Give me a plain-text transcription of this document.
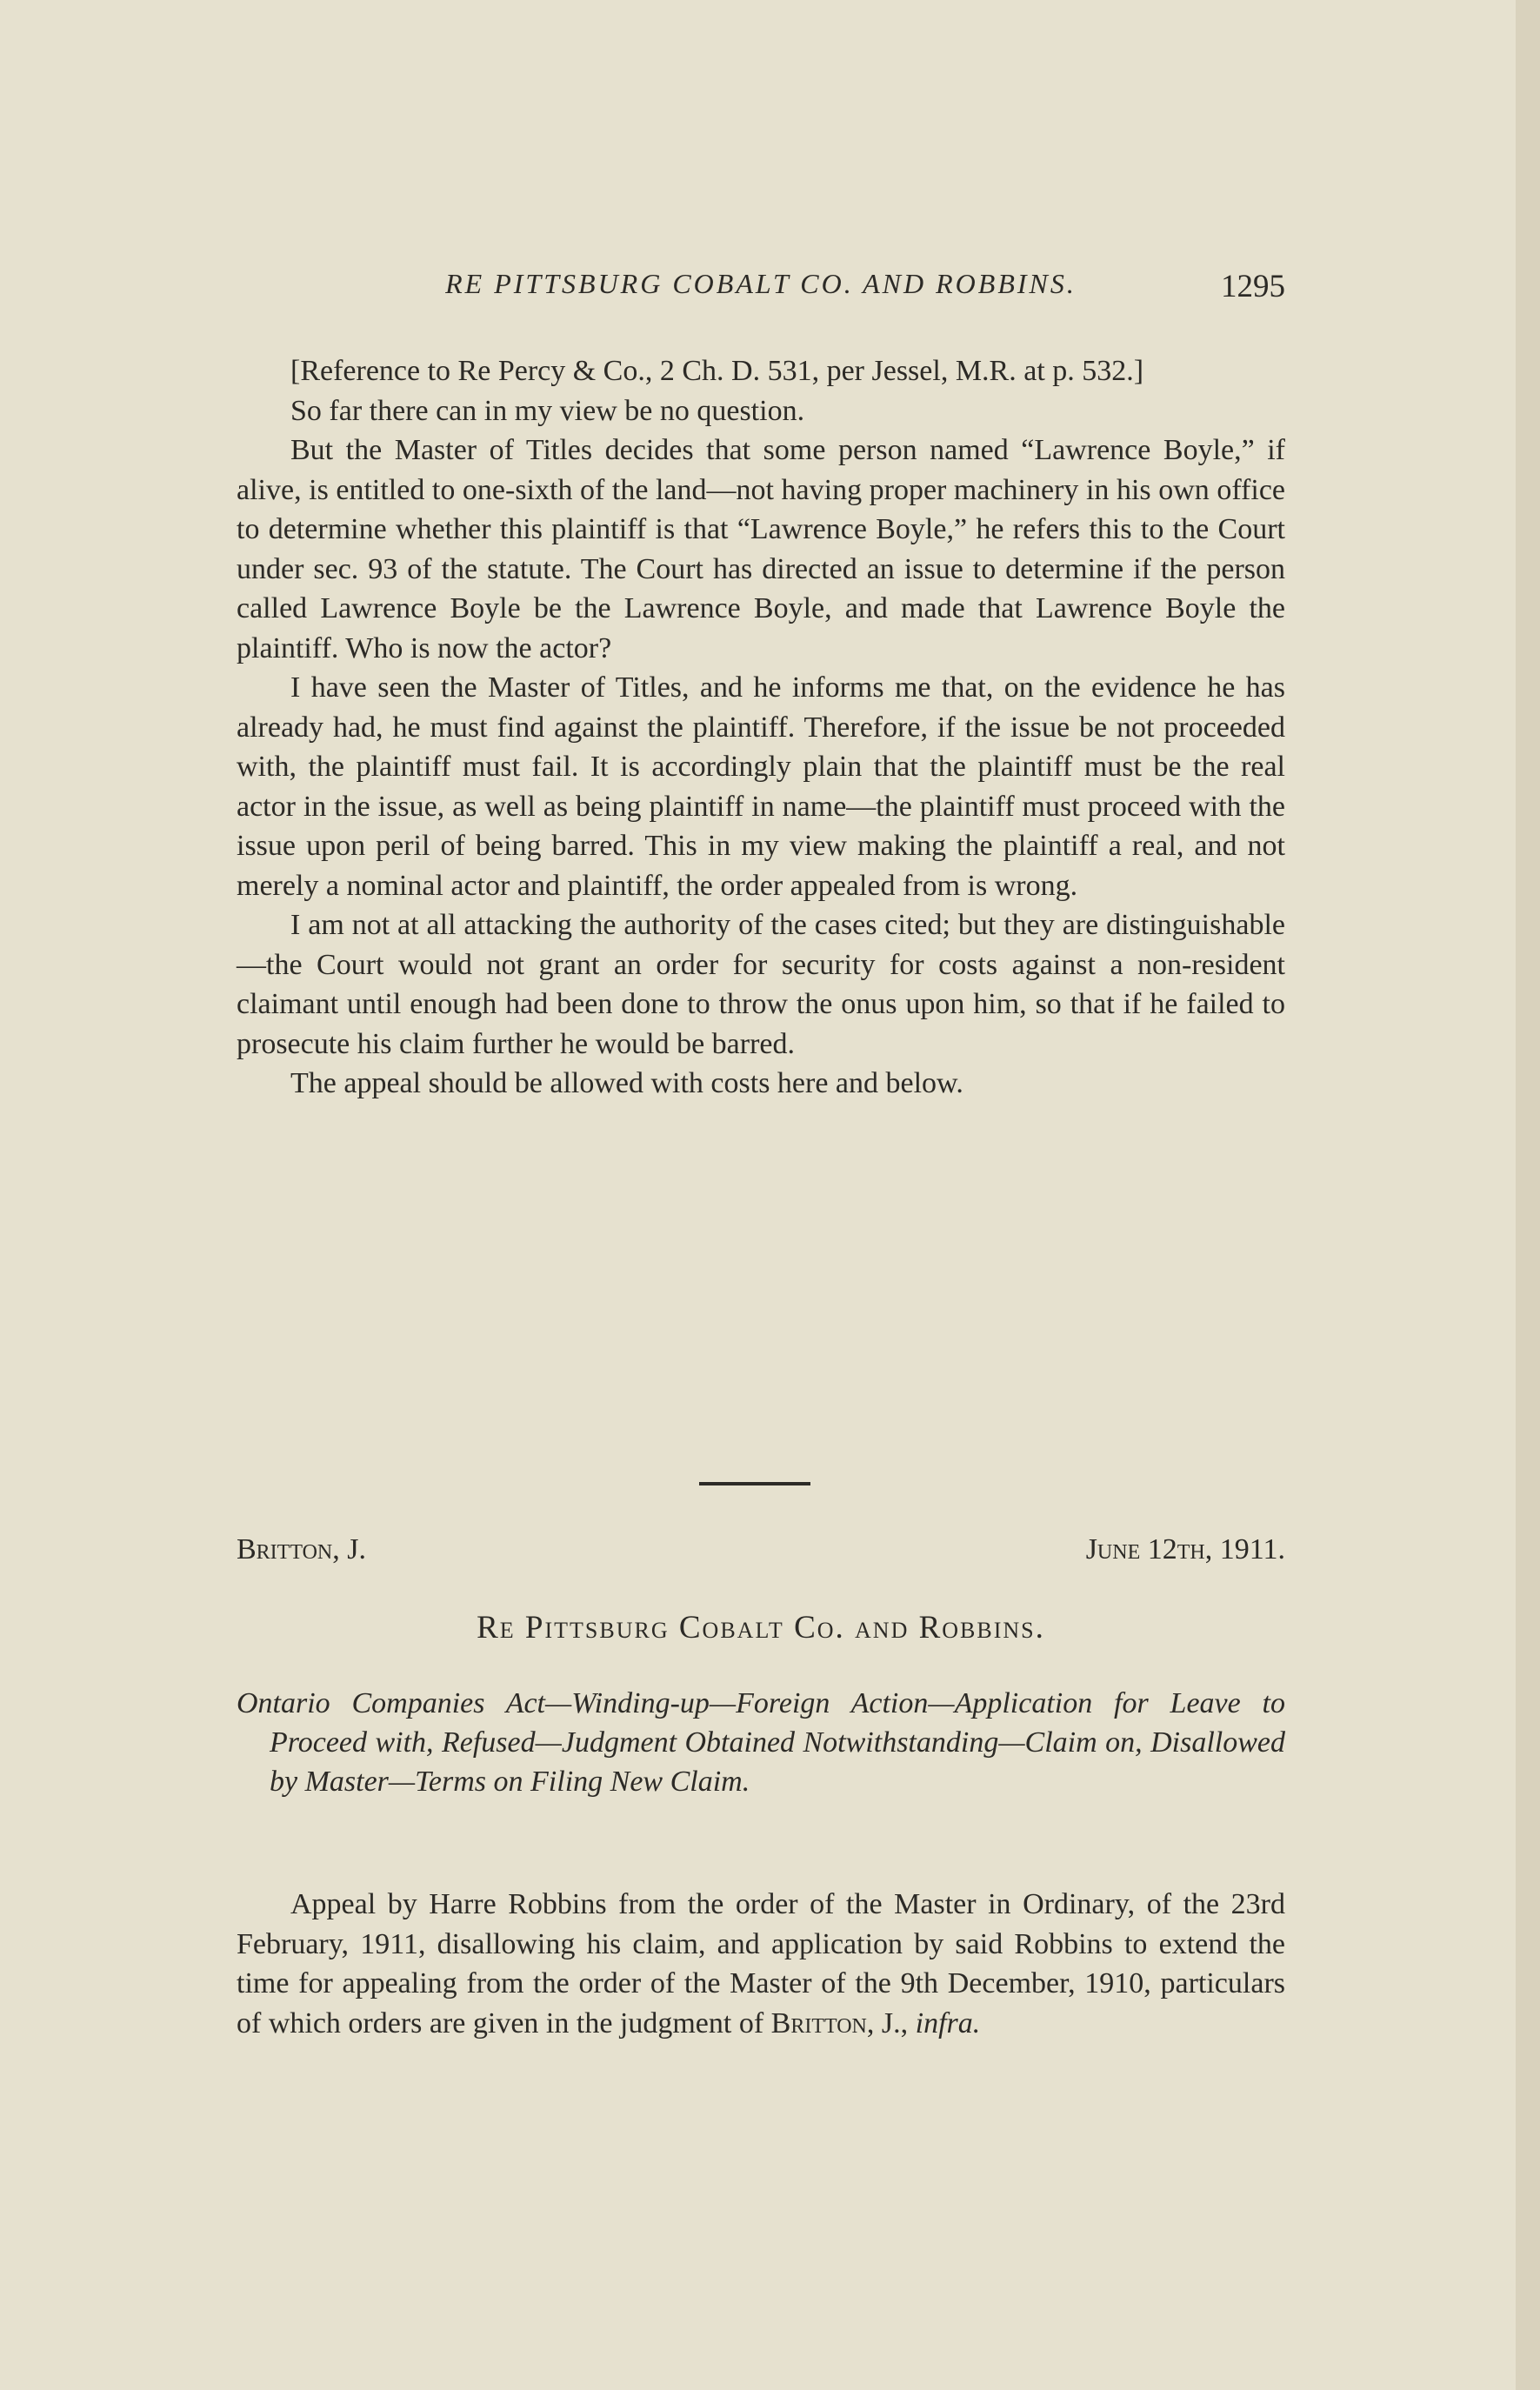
RE PITTSBURG COBALT CO. AND ROBBINS.	1295

[Reference to Re Percy & Co., 2 Ch. D. 531, per Jessel, M.R. at p. 532.]

So far there can in my view be no question.

But the Master of Titles decides that some person named “Lawrence Boyle,” if alive, is entitled to one-sixth of the land—not having proper machinery in his own office to determine whether this plaintiff is that “Lawrence Boyle,” he refers this to the Court under sec. 93 of the statute. The Court has directed an issue to determine if the person called Lawrence Boyle be the Lawrence Boyle, and made that Lawrence Boyle the plaintiff. Who is now the actor?

I have seen the Master of Titles, and he informs me that, on the evidence he has already had, he must find against the plaintiff. Therefore, if the issue be not proceeded with, the plaintiff must fail. It is accordingly plain that the plaintiff must be the real actor in the issue, as well as being plaintiff in name—the plaintiff must proceed with the issue upon peril of being barred. This in my view making the plaintiff a real, and not merely a nominal actor and plaintiff, the order appealed from is wrong.

I am not at all attacking the authority of the cases cited; but they are distinguishable—the Court would not grant an order for security for costs against a non-resident claimant until enough had been done to throw the onus upon him, so that if he failed to prosecute his claim further he would be barred.

The appeal should be allowed with costs here and below.

Britton, J.	June 12th, 1911.
Re Pittsburg Cobalt Co. and Robbins.

Ontario Companies Act—Winding-up—Foreign Action—Application for Leave to Proceed with, Refused—Judgment Obtained Notwithstanding—Claim on, Disallowed by Master—Terms on Filing New Claim.

Appeal by Harre Robbins from the order of the Master in Ordinary, of the 23rd February, 1911, disallowing his claim, and application by said Robbins to extend the time for appealing from the order of the Master of the 9th December, 1910, particulars of which orders are given in the judgment of Britton, J., infra.
